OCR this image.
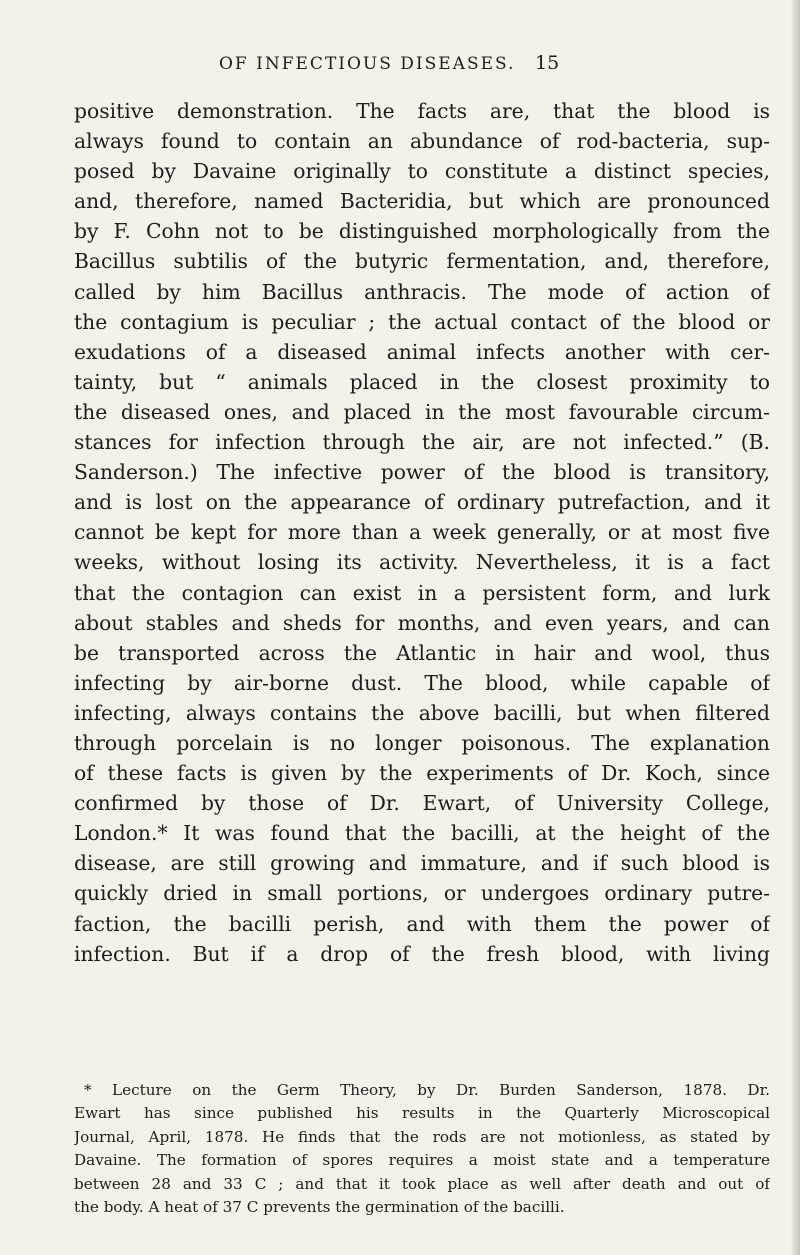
OF INFECTIOUS DISEASES. 15
positive demonstration. The facts are, that the blood is
always found to contain an abundance of rod-bacteria, sup-
posed by Davaine originally to constitute a distinct species,
and, therefore, named Bacteridia, but which are pronounced
by F. Cohn not to be distinguished morphologically from the
Bacillus subtilis of the butyric fermentation, and, therefore,
called by him Bacillus anthracis. The mode of action of
the contagium is peculiar ; the actual contact of the blood or
exudations of a diseased animal infects another with cer-
tainty, but “ animals placed in the closest proximity to
the diseased ones, and placed in the most favourable circum-
stances for infection through the air, are not infected.” (B.
Sanderson.) The infective power of the blood is transitory,
and is lost on the appearance of ordinary putrefaction, and it
cannot be kept for more than a week generally, or at most five
weeks, without losing its activity. Nevertheless, it is a fact
that the contagion can exist in a persistent form, and lurk
about stables and sheds for months, and even years, and can
be transported across the Atlantic in hair and wool, thus
infecting by air-borne dust. The blood, while capable of
infecting, always contains the above bacilli, but when filtered
through porcelain is no longer poisonous. The explanation
of these facts is given by the experiments of Dr. Koch, since
confirmed by those of Dr. Ewart, of University College,
London.* It was found that the bacilli, at the height of the
disease, are still growing and immature, and if such blood is
quickly dried in small portions, or undergoes ordinary putre-
faction, the bacilli perish, and with them the power of
infection. But if a drop of the fresh blood, with living
* Lecture on the Germ Theory, by Dr. Burden Sanderson, 1878. Dr.
Ewart has since published his results in the Quarterly Microscopical
Journal, April, 1878. He finds that the rods are not motionless, as stated by
Davaine. The formation of spores requires a moist state and a temperature
between 28 and 33 C ; and that it took place as well after death and out of
the body. A heat of 37 C prevents the germination of the bacilli.
